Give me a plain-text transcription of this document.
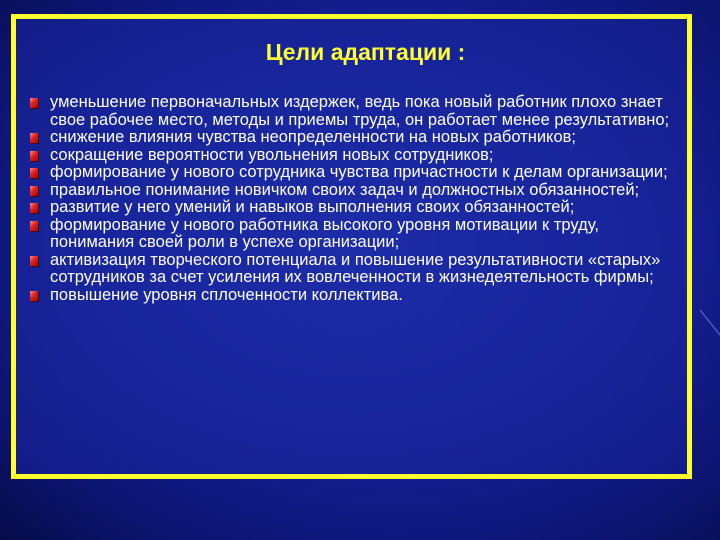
Цели адаптации :
уменьшение первоначальных издержек, ведь пока новый работник плохо знает свое рабочее место, методы и приемы труда, он работает менее результативно;
снижение влияния чувства неопределенности на новых работников;
сокращение вероятности увольнения новых сотрудников;
формирование у нового сотрудника чувства причастности к делам организации;
правильное понимание новичком своих задач и должностных обязанностей;
развитие у него умений и навыков выполнения своих обязанностей;
формирование у нового работника высокого уровня мотивации к труду, понимания своей роли в успехе организации;
активизация творческого потенциала и повышение результативности «старых» сотрудников за счет усиления их вовлеченности в жизнедеятельность фирмы;
повышение уровня сплоченности коллектива.
